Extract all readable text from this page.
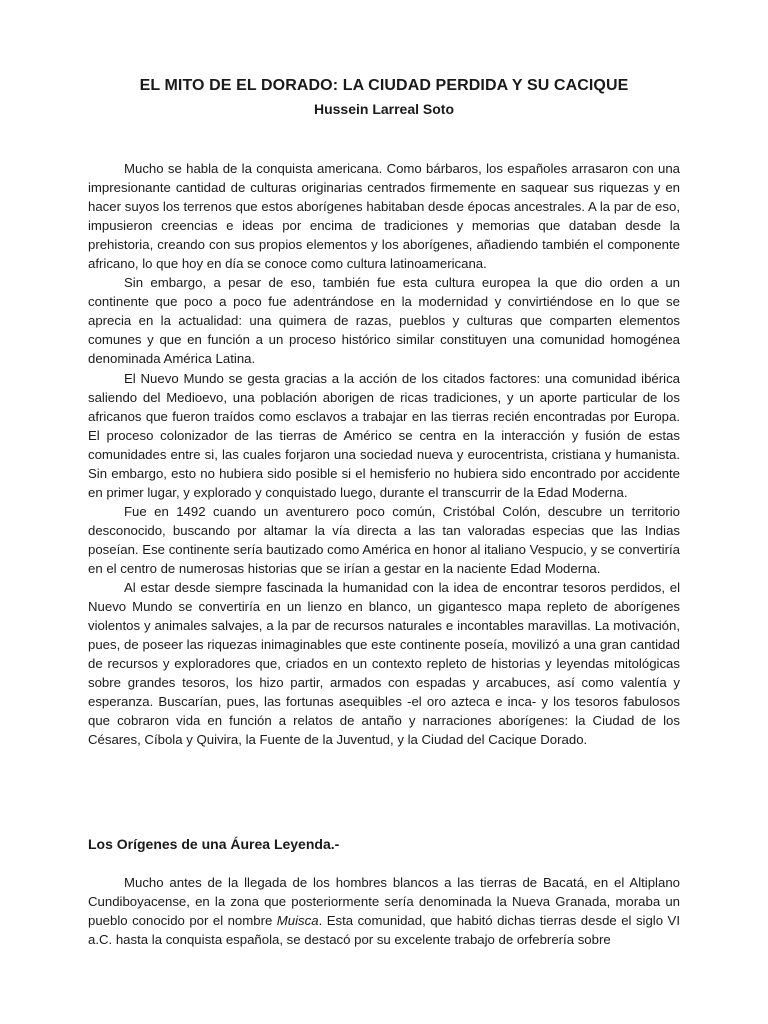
EL MITO DE EL DORADO: LA CIUDAD PERDIDA Y SU CACIQUE
Hussein Larreal Soto

Mucho se habla de la conquista americana. Como bárbaros, los españoles arrasaron con una impresionante cantidad de culturas originarias centrados firmemente en saquear sus riquezas y en hacer suyos los terrenos que estos aborígenes habitaban desde épocas ancestrales. A la par de eso, impusieron creencias e ideas por encima de tradiciones y memorias que databan desde la prehistoria, creando con sus propios elementos y los aborígenes, añadiendo también el componente africano, lo que hoy en día se conoce como cultura latinoamericana.

Sin embargo, a pesar de eso, también fue esta cultura europea la que dio orden a un continente que poco a poco fue adentrándose en la modernidad y convirtiéndose en lo que se aprecia en la actualidad: una quimera de razas, pueblos y culturas que comparten elementos comunes y que en función a un proceso histórico similar constituyen una comunidad homogénea denominada América Latina.

El Nuevo Mundo se gesta gracias a la acción de los citados factores: una comunidad ibérica saliendo del Medioevo, una población aborigen de ricas tradiciones, y un aporte particular de los africanos que fueron traídos como esclavos a trabajar en las tierras recién encontradas por Europa. El proceso colonizador de las tierras de Américo se centra en la interacción y fusión de estas comunidades entre si, las cuales forjaron una sociedad nueva y eurocentrista, cristiana y humanista. Sin embargo, esto no hubiera sido posible si el hemisferio no hubiera sido encontrado por accidente en primer lugar, y explorado y conquistado luego, durante el transcurrir de la Edad Moderna.

Fue en 1492 cuando un aventurero poco común, Cristóbal Colón, descubre un territorio desconocido, buscando por altamar la vía directa a las tan valoradas especias que las Indias poseían. Ese continente sería bautizado como América en honor al italiano Vespucio, y se convertiría en el centro de numerosas historias que se irían a gestar en la naciente Edad Moderna.

Al estar desde siempre fascinada la humanidad con la idea de encontrar tesoros perdidos, el Nuevo Mundo se convertiría en un lienzo en blanco, un gigantesco mapa repleto de aborígenes violentos y animales salvajes, a la par de recursos naturales e incontables maravillas. La motivación, pues, de poseer las riquezas inimaginables que este continente poseía, movilizó a una gran cantidad de recursos y exploradores que, criados en un contexto repleto de historias y leyendas mitológicas sobre grandes tesoros, los hizo partir, armados con espadas y arcabuces, así como valentía y esperanza. Buscarían, pues, las fortunas asequibles -el oro azteca e inca- y los tesoros fabulosos que cobraron vida en función a relatos de antaño y narraciones aborígenes: la Ciudad de los Césares, Cíbola y Quivira, la Fuente de la Juventud, y la Ciudad del Cacique Dorado.

Los Orígenes de una Áurea Leyenda.-

Mucho antes de la llegada de los hombres blancos a las tierras de Bacatá, en el Altiplano Cundiboyacense, en la zona que posteriormente sería denominada la Nueva Granada, moraba un pueblo conocido por el nombre Muisca. Esta comunidad, que habitó dichas tierras desde el siglo VI a.C. hasta la conquista española, se destacó por su excelente trabajo de orfebrería sobre
